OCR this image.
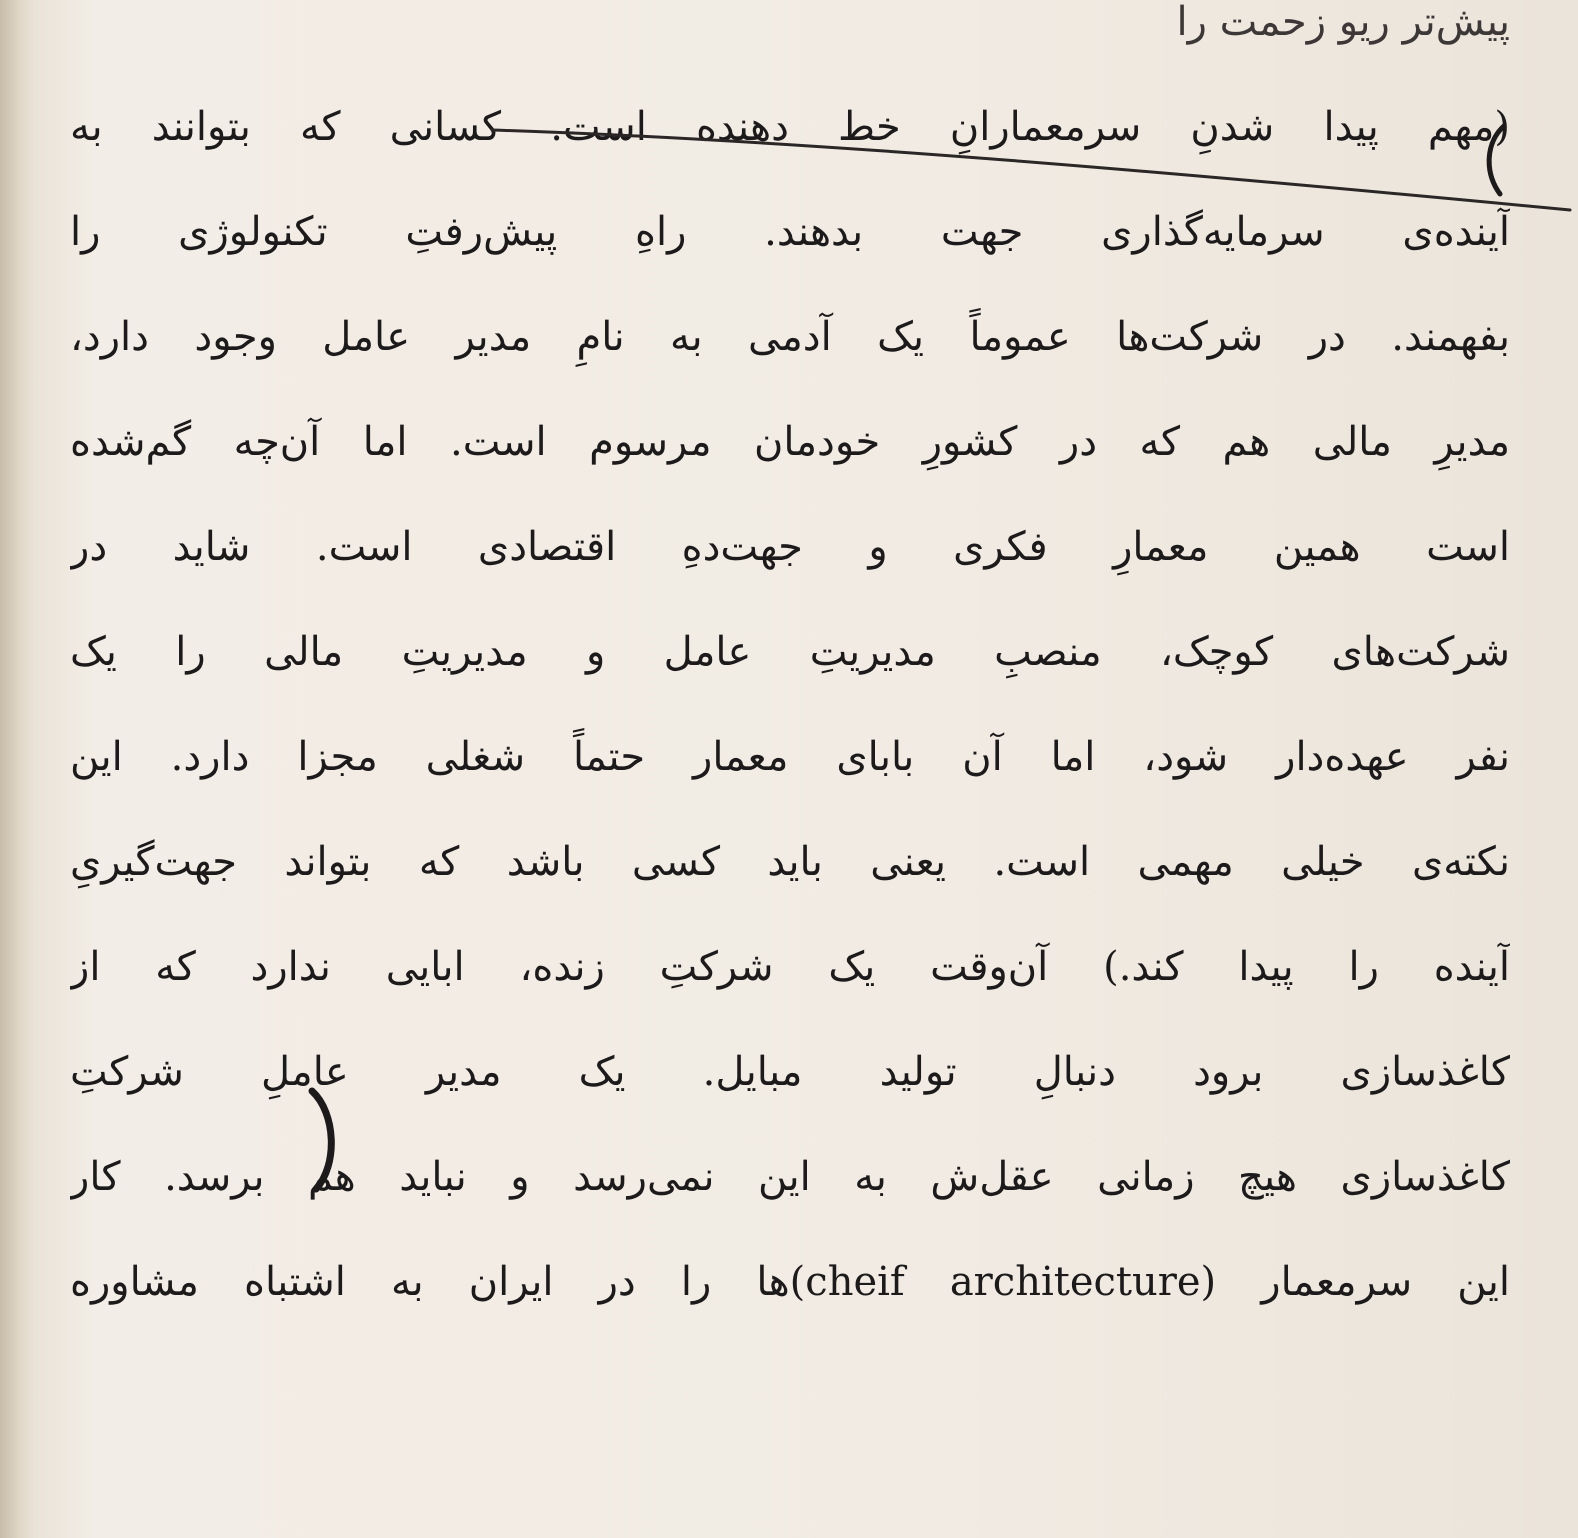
پیش‌تر ریو زحمت را
(مهم پیدا شدنِ سرمعمارانِ خط دهنده است. کسانی که بتوانند به
آینده‌ی سرمایه‌گذاری جهت بدهند. راهِ پیش‌رفتِ تکنولوژی را
بفهمند. در شرکت‌ها عموماً یک آدمی به نامِ مدیر عامل وجود دارد،
مدیرِ مالی هم که در کشورِ خودمان مرسوم است. اما آن‌چه گم‌شده
است همین معمارِ فکری و جهت‌دهِ اقتصادی است. شاید در
شرکت‌های کوچک، منصبِ مدیریتِ عامل و مدیریتِ مالی را یک
نفر عهده‌دار شود، اما آن بابای معمار حتماً شغلی مجزا دارد. این
نکته‌ی خیلی مهمی است. یعنی باید کسی باشد که بتواند جهت‌گیریِ
آینده را پیدا کند.) آن‌وقت یک شرکتِ زنده، ابایی ندارد که از
کاغذسازی برود دنبالِ تولید مبایل. یک مدیر عاملِ شرکتِ
کاغذسازی هیچ زمانی عقل‌ش به این نمی‌رسد و نباید هم برسد. کار
این سرمعمار (cheif architecture)ها را در ایران به اشتباه مشاوره
